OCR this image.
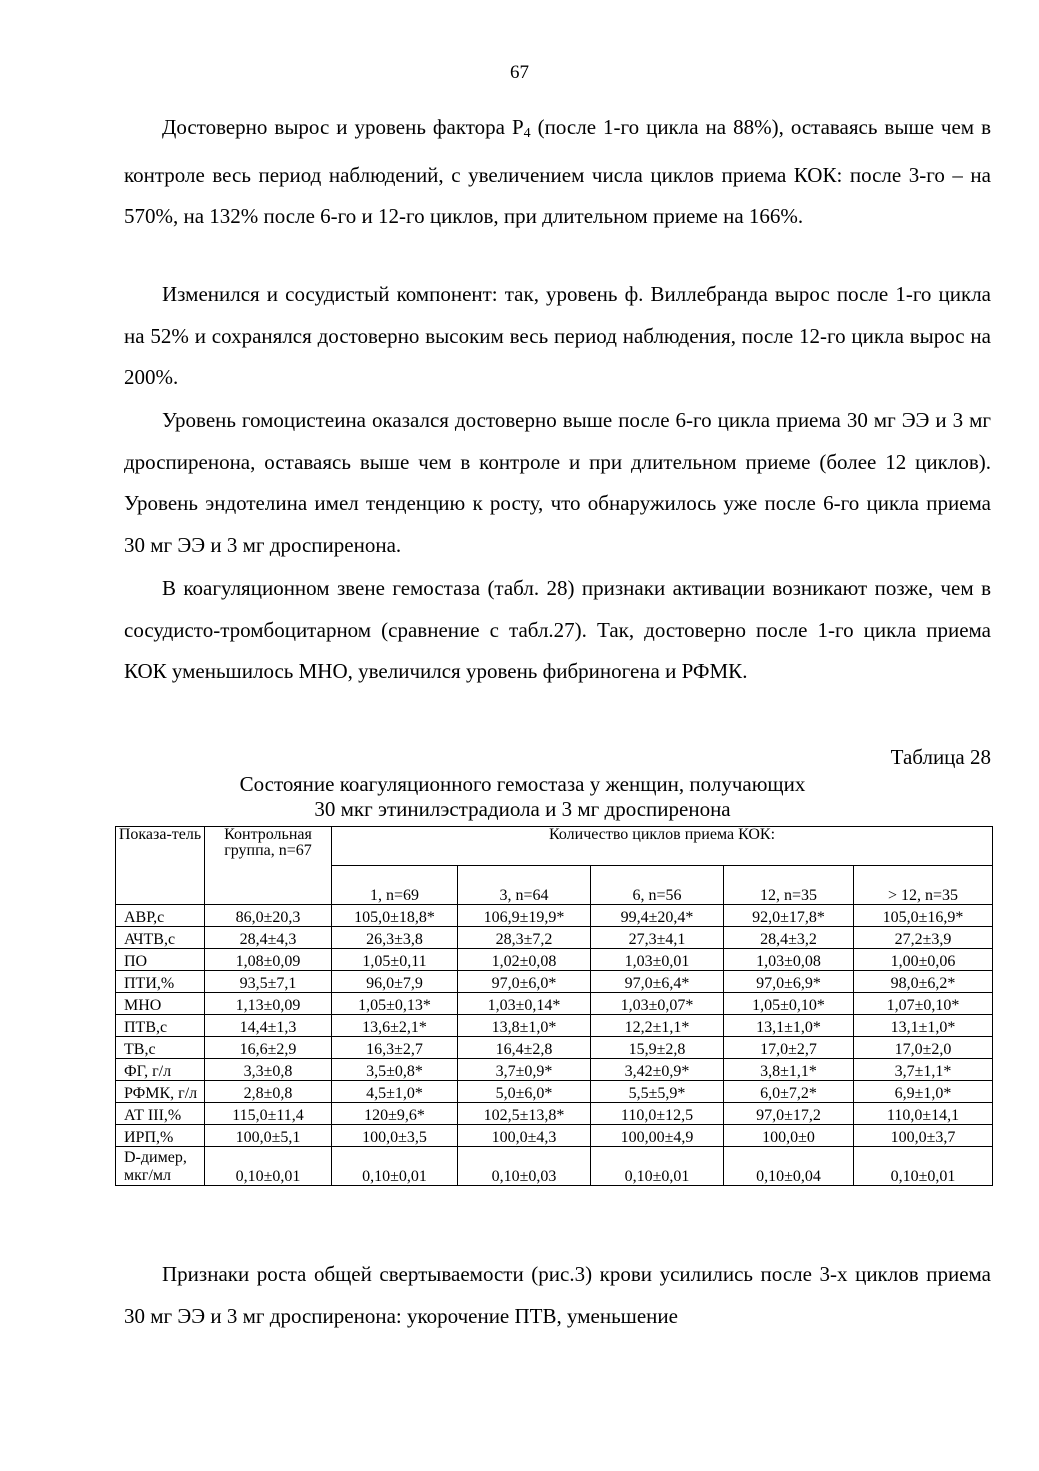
67

Достоверно вырос и уровень фактора $Р_4$ (после 1-го цикла на 88%), оставаясь выше чем в контроле весь период наблюдений, с увеличением числа циклов приема КОК: после 3-го – на 570%, на 132% после 6-го и 12-го циклов, при длительном приеме на 166%.

Изменился и сосудистый компонент: так, уровень ф. Виллебранда вырос после 1-го цикла на 52% и сохранялся достоверно высоким весь период наблюдения, после 12-го цикла вырос на 200%.

Уровень гомоцистеина оказался достоверно выше после 6-го цикла приема 30 мг ЭЭ и 3 мг дроспиренона, оставаясь выше чем в контроле и при длительном приеме (более 12 циклов). Уровень эндотелина имел тенденцию к росту, что обнаружилось уже после 6-го цикла приема 30 мг ЭЭ и 3 мг дроспиренона.

В коагуляционном звене гемостаза (табл. 28) признаки активации возникают позже, чем в сосудисто-тромбоцитарном (сравнение с табл.27). Так, достоверно после 1-го цикла приема КОК уменьшилось МНО, увеличился уровень фибриногена и РФМК.

Таблица 28
Состояние коагуляционного гемостаза у женщин, получающих
30 мкг этинилэстрадиола и 3 мг дроспиренона
Показа-тель	Контрольная группа, n=67	Количество циклов приема КОК:				
		1, n=69	3, n=64	6, n=56	12, n=35	> 12, n=35
АВР,с	86,0±20,3	105,0±18,8*	106,9±19,9*	99,4±20,4*	92,0±17,8*	105,0±16,9*
АЧТВ,с	28,4±4,3	26,3±3,8	28,3±7,2	27,3±4,1	28,4±3,2	27,2±3,9
ПО	1,08±0,09	1,05±0,11	1,02±0,08	1,03±0,01	1,03±0,08	1,00±0,06
ПТИ,%	93,5±7,1	96,0±7,9	97,0±6,0*	97,0±6,4*	97,0±6,9*	98,0±6,2*
МНО	1,13±0,09	1,05±0,13*	1,03±0,14*	1,03±0,07*	1,05±0,10*	1,07±0,10*
ПТВ,с	14,4±1,3	13,6±2,1*	13,8±1,0*	12,2±1,1*	13,1±1,0*	13,1±1,0*
ТВ,с	16,6±2,9	16,3±2,7	16,4±2,8	15,9±2,8	17,0±2,7	17,0±2,0
ФГ, г/л	3,3±0,8	3,5±0,8*	3,7±0,9*	3,42±0,9*	3,8±1,1*	3,7±1,1*
РФМК, г/л	2,8±0,8	4,5±1,0*	5,0±6,0*	5,5±5,9*	6,0±7,2*	6,9±1,0*
АТ III,%	115,0±11,4	120±9,6*	102,5±13,8*	110,0±12,5	97,0±17,2	110,0±14,1
ИРП,%	100,0±5,1	100,0±3,5	100,0±4,3	100,00±4,9	100,0±0	100,0±3,7
D-димер, мкг/мл	0,10±0,01	0,10±0,01	0,10±0,03	0,10±0,01	0,10±0,04	0,10±0,01

Признаки роста общей свертываемости (рис.3) крови усилились после 3-х циклов приема 30 мг ЭЭ и 3 мг дроспиренона: укорочение ПТВ, уменьшение
